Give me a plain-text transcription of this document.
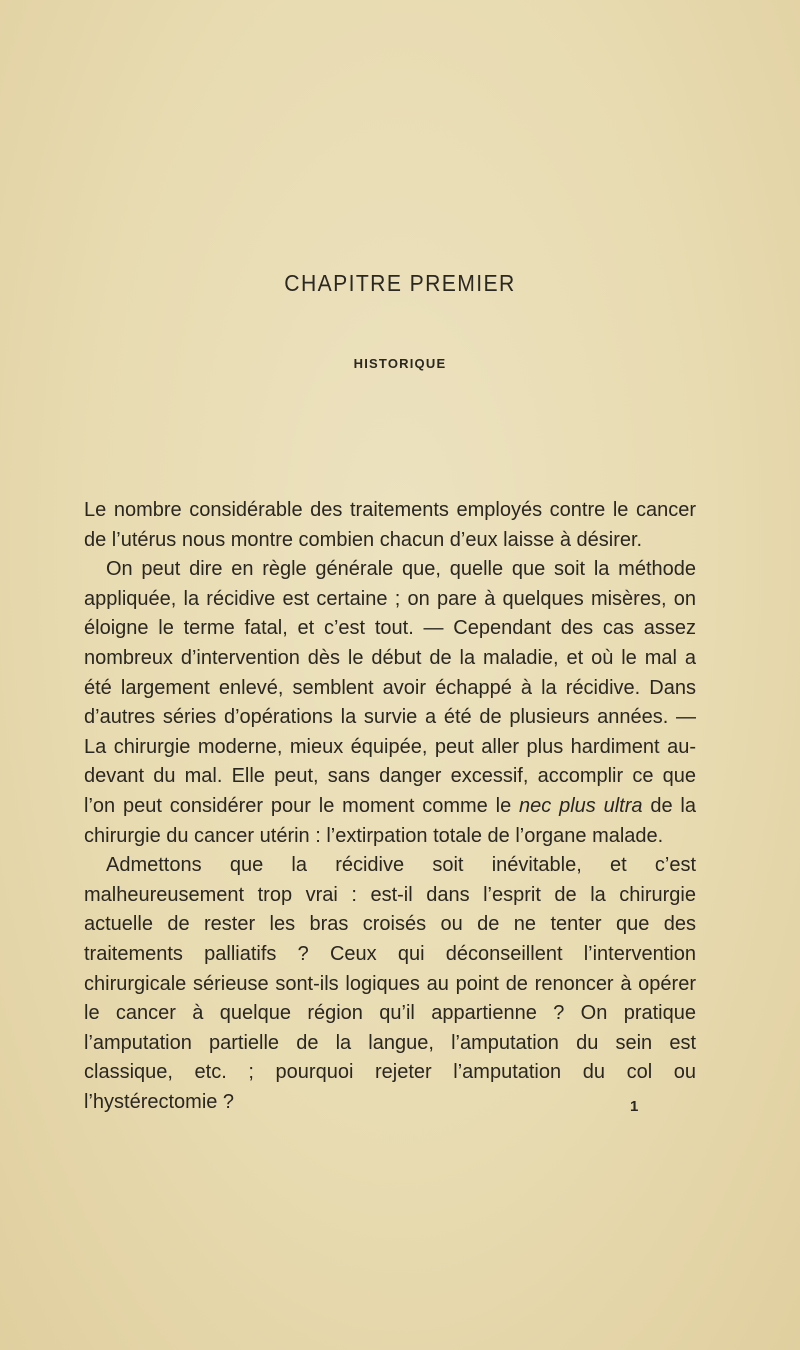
CHAPITRE PREMIER
HISTORIQUE

Le nombre considérable des traitements employés contre le cancer de l’utérus nous montre combien chacun d’eux laisse à désirer.

On peut dire en règle générale que, quelle que soit la méthode appliquée, la récidive est certaine ; on pare à quelques misères, on éloigne le terme fatal, et c’est tout. — Cependant des cas assez nombreux d’intervention dès le début de la maladie, et où le mal a été largement enlevé, semblent avoir échappé à la récidive. Dans d’autres séries d’opérations la survie a été de plusieurs années. — La chirurgie moderne, mieux équipée, peut aller plus hardiment au-devant du mal. Elle peut, sans danger excessif, accomplir ce que l’on peut considérer pour le moment comme le nec plus ultra de la chirurgie du cancer utérin : l’extirpation totale de l’organe malade.

Admettons que la récidive soit inévitable, et c’est malheureusement trop vrai : est-il dans l’esprit de la chirurgie actuelle de rester les bras croisés ou de ne tenter que des traitements palliatifs ? Ceux qui déconseillent l’intervention chirurgicale sérieuse sont-ils logiques au point de renoncer à opérer le cancer à quelque région qu’il appartienne ? On pratique l’amputation partielle de la langue, l’amputation du sein est classique, etc. ; pourquoi rejeter l’amputation du col ou l’hystérectomie ?	1
